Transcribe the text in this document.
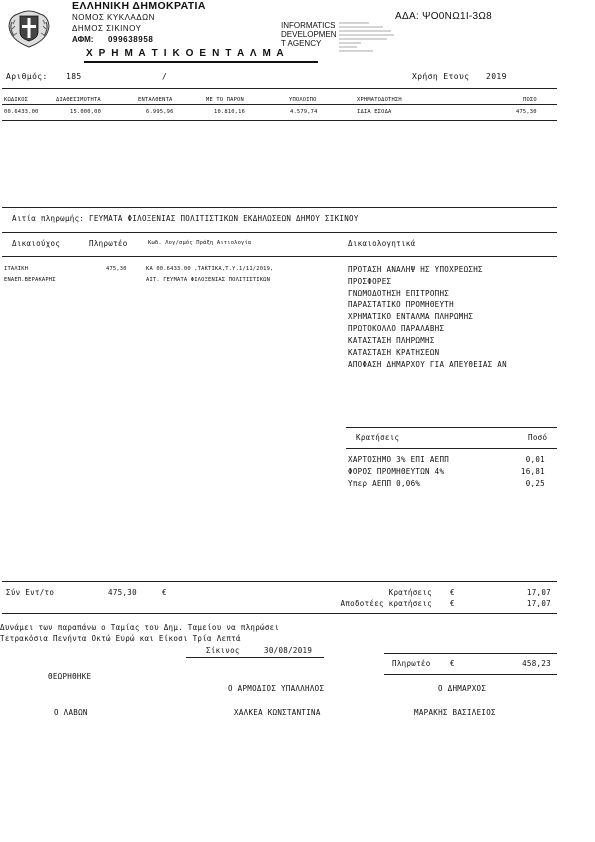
ΕΛΛΗΝΙΚΗ ΔΗΜΟΚΡΑΤΙΑ
ΝΟΜΟΣ ΚΥΚΛΑΔΩΝ
ΔΗΜΟΣ ΣΙΚΙΝΟΥ
ΑΦΜ: 099638958
Χ Ρ Η Μ Α Τ Ι Κ Ο Ε Ν Τ Α Λ Μ Α
INFORMATICS
DEVELOPMEN
T AGENCY
ΑΔΑ: ΨΟ0ΝΩ1Ι-3Ω8
Αριθμός: 185	/	Χρήση Ετους 2019
ΚΩΔΙΚΟΣ	ΔΙΑΘΕΣΙΜΟΤΗΤΑ	ΕΝΤΑΛΘΕΝΤΑ	ΜΕ ΤΟ ΠΑΡΟΝ	ΥΠΟΛΟΙΠΟ	ΧΡΗΜΑΤΟΔΟΤΗΣΗ	ΠΟΣΟ
00.6433.00	15.000,00	6.995,96	10.810,16	4.579,74	ΙΔΙΑ ΕΣΟΔΑ	475,30
Αιτία πληρωμής: ΓΕΥΜΑΤΑ ΦΙΛΟΞΕΝΙΑΣ ΠΟΛΙΤΙΣΤΙΚΩΝ ΕΚΔΗΛΩΣΕΩΝ ΔΗΜΟΥ ΣΙΚΙΝΟΥ
Δικαιούχος	Πληρωτέο	Κωδ. Λογ/σμός Πράξη Αιτιολογία	Δικαιολογητικά
ΙΤΑΛΙΚΗ
ΕΝΑΕΠ.ΒΕΡΑΚΑΡΗΣ
475,30	ΚΑ 00.6433.00 ,ΤΑΚΤΙΚΑ,Τ.Υ.1/11/2019,
ΑΙΤ. ΓΕΥΜΑΤΑ ΦΙΛΟΞΕΝΙΑΣ ΠΟΛΙΤΙΣΤΙΚΩΝ
ΠΡΟΤΑΣΗ ΑΝΑΛΗΨ ΗΣ ΥΠΟΧΡΕΩΣΗΣ
ΠΡΟΣΦΟΡΕΣ
ΓΝΩΜΟΔΟΤΗΣΗ ΕΠΙΤΡΟΠΗΣ
ΠΑΡΑΣΤΑΤΙΚΟ ΠΡΟΜΗΘΕΥΤΗ
ΧΡΗΜΑΤΙΚΟ ΕΝΤΑΛΜΑ ΠΛΗΡΩΜΗΣ
ΠΡΩΤΟΚΟΛΛΟ ΠΑΡΑΛΑΒΗΣ
ΚΑΤΑΣΤΑΣΗ ΠΛΗΡΩΜΗΣ
ΚΑΤΑΣΤΑΣΗ ΚΡΑΤΗΣΕΩΝ
ΑΠΟΦΑΣΗ ΔΗΜΑΡΧΟΥ ΓΙΑ ΑΠΕΥΘΕΙΑΣ ΑΝ
Κρατήσεις	Ποσό
ΧΑΡΤΟΣΗΜΟ 3% ΕΠΙ ΑΕΠΠ	0,01
ΦΟΡΟΣ ΠΡΟΜΗΘΕΥΤΩΝ 4%	16,81
Υπερ ΑΕΠΠ 0,06%	0,25
Σύν Εντ/το	475,30	€	Κρατήσεις €	17,07
Αποδοτέες κρατήσεις €	17,07
Δυνάμει των παραπάνω ο Ταμίας του Δημ. Ταμείου να πληρώσει
Τετρακόσια Πενήντα Οκτώ Ευρώ και Είκοσι Τρία Λεπτά
Σίκινος	30/08/2019
Πληρωτέο	€	458,23
ΘΕΩΡΗΘΗΚΕ
Ο ΑΡΜΟΔΙΟΣ ΥΠΑΛΛΗΛΟΣ	Ο ΔΗΜΑΡΧΟΣ
Ο ΛΑΒΩΝ	ΧΑΛΚΕΑ ΚΩΝΣΤΑΝΤΙΝΑ	ΜΑΡΑΚΗΣ ΒΑΣΙΛΕΙΟΣ
